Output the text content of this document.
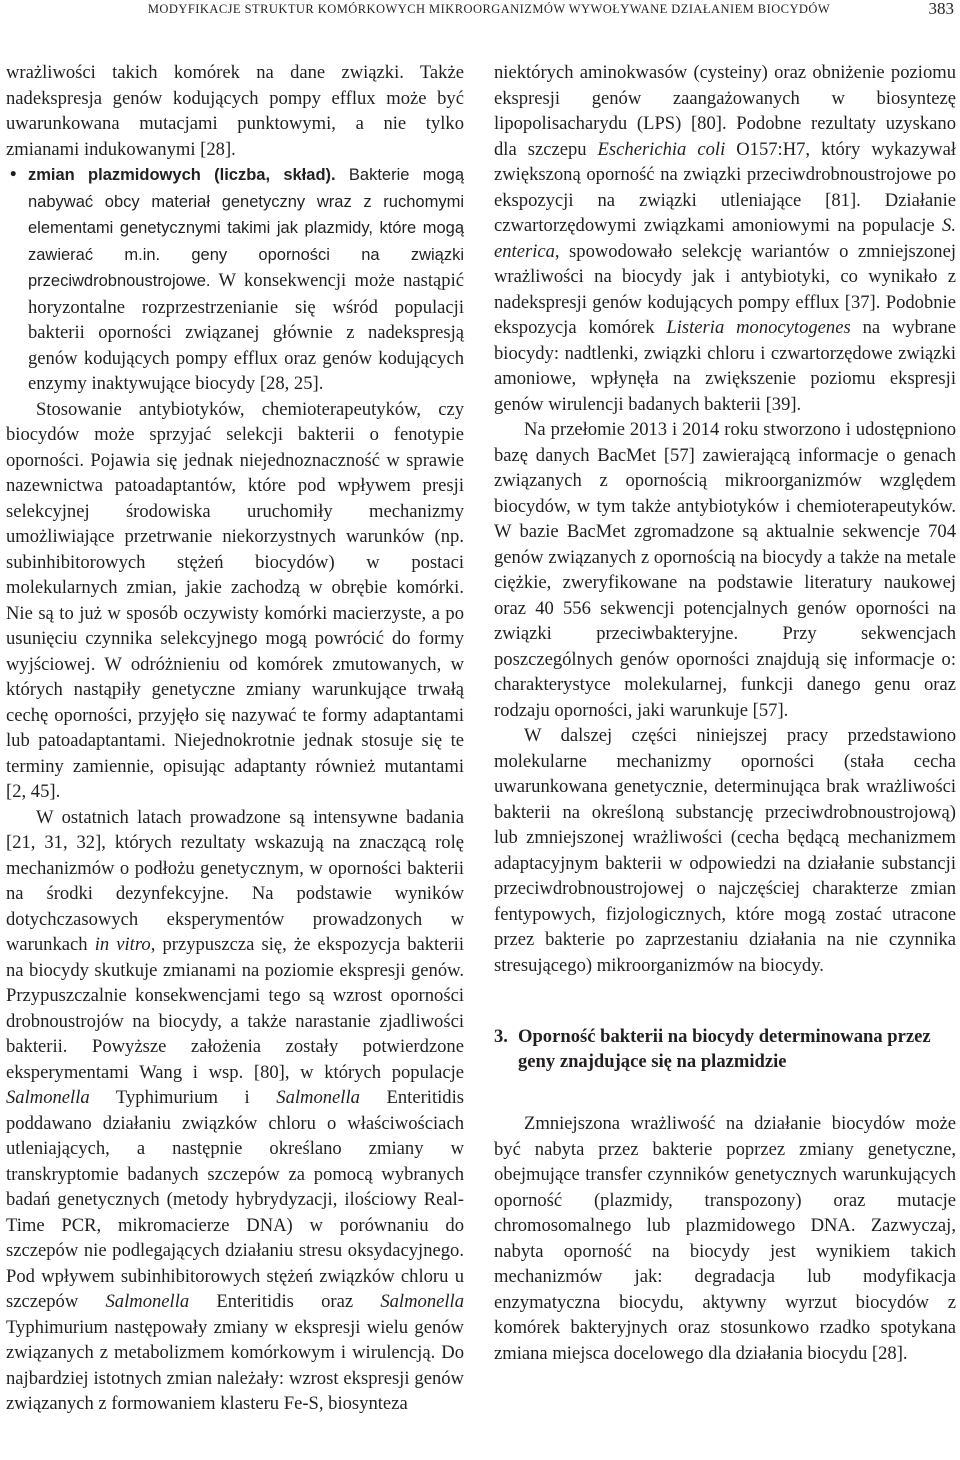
MODYFIKACJE STRUKTUR KOMÓRKOWYCH MIKROORGANIZMÓW WYWOŁYWANE DZIAŁANIEM BIOCYDÓW	383

wrażliwości takich komórek na dane związki. Także nadekspresja genów kodujących pompy efflux może być uwarunkowana mutacjami punktowymi, a nie tylko zmianami indukowanymi [28].

• zmian plazmidowych (liczba, skład). Bakterie mogą nabywać obcy materiał genetyczny wraz z ruchomymi elementami genetycznymi takimi jak plazmidy, które mogą zawierać m.in. geny oporności na związki przeciwdrobnoustrojowe. W konsekwencji może nastąpić horyzontalne rozprzestrzenianie się wśród populacji bakterii oporności związanej głównie z nadekspresją genów kodujących pompy efflux oraz genów kodujących enzymy inaktywujące biocydy [28, 25].

Stosowanie antybiotyków, chemioterapeutyków, czy biocydów może sprzyjać selekcji bakterii o fenotypie oporności. Pojawia się jednak niejednoznaczność w sprawie nazewnictwa patoadaptantów, które pod wpływem presji selekcyjnej środowiska uruchomiły mechanizmy umożliwiające przetrwanie niekorzystnych warunków (np. subinhibitorowych stężeń biocydów) w postaci molekularnych zmian, jakie zachodzą w obrębie komórki. Nie są to już w sposób oczywisty komórki macierzyste, a po usunięciu czynnika selekcyjnego mogą powrócić do formy wyjściowej. W odróżnieniu od komórek zmutowanych, w których nastąpiły genetyczne zmiany warunkujące trwałą cechę oporności, przyjęło się nazywać te formy adaptantami lub patoadaptantami. Niejednokrotnie jednak stosuje się te terminy zamiennie, opisując adaptanty również mutantami [2, 45].

W ostatnich latach prowadzone są intensywne badania [21, 31, 32], których rezultaty wskazują na znaczącą rolę mechanizmów o podłożu genetycznym, w oporności bakterii na środki dezynfekcyjne. Na podstawie wyników dotychczasowych eksperymentów prowadzonych w warunkach in vitro, przypuszcza się, że ekspozycja bakterii na biocydy skutkuje zmianami na poziomie ekspresji genów. Przypuszczalnie konsekwencjami tego są wzrost oporności drobnoustrojów na biocydy, a także narastanie zjadliwości bakterii. Powyższe założenia zostały potwierdzone eksperymentami Wang i wsp. [80], w których populacje Salmonella Typhimurium i Salmonella Enteritidis poddawano działaniu związków chloru o właściwościach utleniających, a następnie określano zmiany w transkryptomie badanych szczepów za pomocą wybranych badań genetycznych (metody hybrydyzacji, ilościowy Real-Time PCR, mikromacierze DNA) w porównaniu do szczepów nie podlegających działaniu stresu oksydacyjnego. Pod wpływem subinhibitorowych stężeń związków chloru u szczepów Salmonella Enteritidis oraz Salmonella Typhimurium następowały zmiany w ekspresji wielu genów związanych z metabolizmem komórkowym i wirulencją. Do najbardziej istotnych zmian należały: wzrost ekspresji genów związanych z formowaniem klasteru Fe-S, biosynteza

niektórych aminokwasów (cysteiny) oraz obniżenie poziomu ekspresji genów zaangażowanych w biosyntezę lipopolisacharydu (LPS) [80]. Podobne rezultaty uzyskano dla szczepu Escherichia coli O157:H7, który wykazywał zwiększoną oporność na związki przeciwdrobnoustrojowe po ekspozycji na związki utleniające [81]. Działanie czwartorzędowymi związkami amoniowymi na populacje S. enterica, spowodowało selekcję wariantów o zmniejszonej wrażliwości na biocydy jak i antybiotyki, co wynikało z nadekspresji genów kodujących pompy efflux [37]. Podobnie ekspozycja komórek Listeria monocytogenes na wybrane biocydy: nadtlenki, związki chloru i czwartorzędowe związki amoniowe, wpłynęła na zwiększenie poziomu ekspresji genów wirulencji badanych bakterii [39].

Na przełomie 2013 i 2014 roku stworzono i udostępniono bazę danych BacMet [57] zawierającą informacje o genach związanych z opornością mikroorganizmów względem biocydów, w tym także antybiotyków i chemioterapeutyków. W bazie BacMet zgromadzone są aktualnie sekwencje 704 genów związanych z opornością na biocydy a także na metale ciężkie, zweryfikowane na podstawie literatury naukowej oraz 40 556 sekwencji potencjalnych genów oporności na związki przeciwbakteryjne. Przy sekwencjach poszczególnych genów oporności znajdują się informacje o: charakterystyce molekularnej, funkcji danego genu oraz rodzaju oporności, jaki warunkuje [57].

W dalszej części niniejszej pracy przedstawiono molekularne mechanizmy oporności (stała cecha uwarunkowana genetycznie, determinująca brak wrażliwości bakterii na określoną substancję przeciwdrobnoustrojową) lub zmniejszonej wrażliwości (cecha będącą mechanizmem adaptacyjnym bakterii w odpowiedzi na działanie substancji przeciwdrobnoustrojowej o najczęściej charakterze zmian fentypowych, fizjologicznych, które mogą zostać utracone przez bakterie po zaprzestaniu działania na nie czynnika stresującego) mikroorganizmów na biocydy.

3. Oporność bakterii na biocydy determinowana przez geny znajdujące się na plazmidzie

Zmniejszona wrażliwość na działanie biocydów może być nabyta przez bakterie poprzez zmiany genetyczne, obejmujące transfer czynników genetycznych warunkujących oporność (plazmidy, transpozony) oraz mutacje chromosomalnego lub plazmidowego DNA. Zazwyczaj, nabyta oporność na biocydy jest wynikiem takich mechanizmów jak: degradacja lub modyfikacja enzymatyczna biocydu, aktywny wyrzut biocydów z komórek bakteryjnych oraz stosunkowo rzadko spotykana zmiana miejsca docelowego dla działania biocydu [28].
